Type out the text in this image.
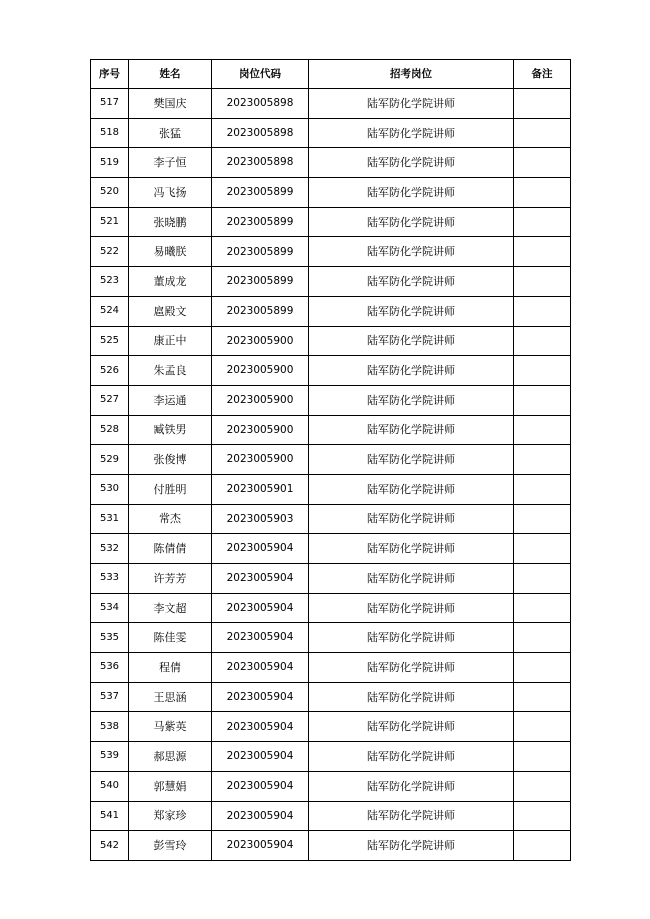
序号	姓名	岗位代码	招考岗位	备注
517	樊国庆	2023005898	陆军防化学院讲师	
518	张猛	2023005898	陆军防化学院讲师	
519	李子恒	2023005898	陆军防化学院讲师	
520	冯飞扬	2023005899	陆军防化学院讲师	
521	张晓鹏	2023005899	陆军防化学院讲师	
522	易曦朕	2023005899	陆军防化学院讲师	
523	董成龙	2023005899	陆军防化学院讲师	
524	扈殿文	2023005899	陆军防化学院讲师	
525	康正中	2023005900	陆军防化学院讲师	
526	朱孟良	2023005900	陆军防化学院讲师	
527	李运通	2023005900	陆军防化学院讲师	
528	臧铁男	2023005900	陆军防化学院讲师	
529	张俊博	2023005900	陆军防化学院讲师	
530	付胜明	2023005901	陆军防化学院讲师	
531	常杰	2023005903	陆军防化学院讲师	
532	陈倩倩	2023005904	陆军防化学院讲师	
533	许芳芳	2023005904	陆军防化学院讲师	
534	李文超	2023005904	陆军防化学院讲师	
535	陈佳雯	2023005904	陆军防化学院讲师	
536	程倩	2023005904	陆军防化学院讲师	
537	王思涵	2023005904	陆军防化学院讲师	
538	马紫英	2023005904	陆军防化学院讲师	
539	郝思源	2023005904	陆军防化学院讲师	
540	郭慧娟	2023005904	陆军防化学院讲师	
541	郑家珍	2023005904	陆军防化学院讲师	
542	彭雪玲	2023005904	陆军防化学院讲师	
